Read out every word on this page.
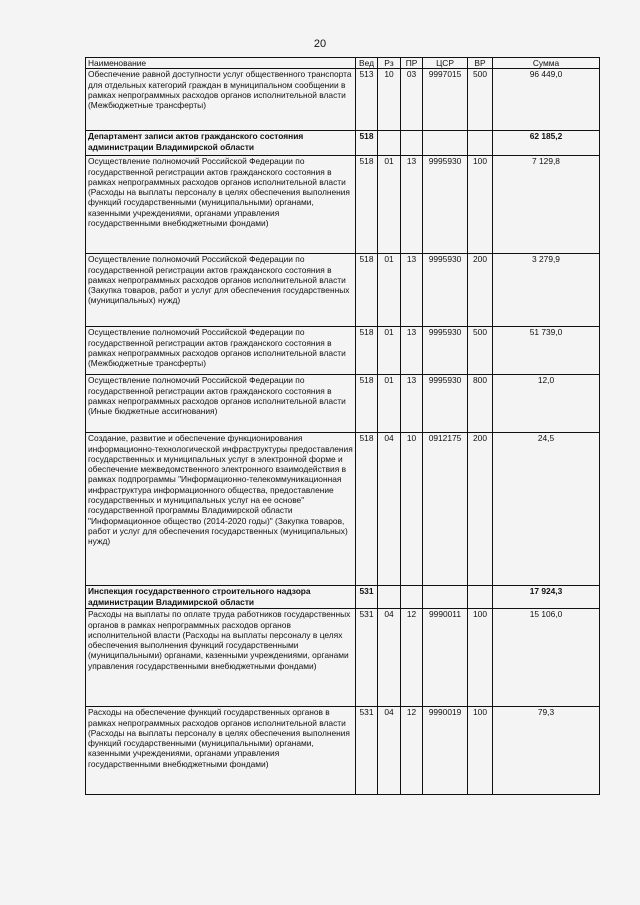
20
Наименование	Вед	Рз	ПР	ЦСР	ВР	Сумма
Обеспечение равной доступности услуг общественного транспорта для отдельных категорий граждан в муниципальном сообщении в рамках непрограммных расходов органов исполнительной власти (Межбюджетные трансферты)	513	10	03	9997015	500	96 449,0
Департамент записи актов гражданского состояния администрации Владимирской области	518					62 185,2
Осуществление полномочий Российской Федерации по государственной регистрации актов гражданского состояния в рамках непрограммных расходов органов исполнительной власти (Расходы на выплаты персоналу в целях обеспечения выполнения функций государственными (муниципальными) органами, казенными учреждениями, органами управления государственными внебюджетными фондами)	518	01	13	9995930	100	7 129,8
Осуществление полномочий Российской Федерации по государственной регистрации актов гражданского состояния в рамках непрограммных расходов органов исполнительной власти (Закупка товаров, работ и услуг для обеспечения государственных (муниципальных) нужд)	518	01	13	9995930	200	3 279,9
Осуществление полномочий Российской Федерации по государственной регистрации актов гражданского состояния в рамках непрограммных расходов органов исполнительной власти (Межбюджетные трансферты)	518	01	13	9995930	500	51 739,0
Осуществление полномочий Российской Федерации по государственной регистрации актов гражданского состояния в рамках непрограммных расходов органов исполнительной власти (Иные бюджетные ассигнования)	518	01	13	9995930	800	12,0
Создание, развитие и обеспечение функционирования информационно-технологической инфраструктуры предоставления государственных и муниципальных услуг в электронной форме и обеспечение межведомственного электронного взаимодействия в рамках подпрограммы "Информационно-телекоммуникационная инфраструктура информационного общества, предоставление государственных и муниципальных услуг на ее основе" государственной программы Владимирской области "Информационное общество (2014-2020 годы)" (Закупка товаров, работ и услуг для обеспечения государственных (муниципальных) нужд)	518	04	10	0912175	200	24,5
Инспекция государственного строительного надзора администрации Владимирской области	531					17 924,3
Расходы на выплаты по оплате труда работников государственных органов в рамках непрограммных расходов органов исполнительной власти (Расходы на выплаты персоналу в целях обеспечения выполнения функций государственными (муниципальными) органами, казенными учреждениями, органами управления государственными внебюджетными фондами)	531	04	12	9990011	100	15 106,0
Расходы на обеспечение функций государственных органов в рамках непрограммных расходов органов исполнительной власти (Расходы на выплаты персоналу в целях обеспечения выполнения функций государственными (муниципальными) органами, казенными учреждениями, органами управления государственными внебюджетными фондами)	531	04	12	9990019	100	79,3
